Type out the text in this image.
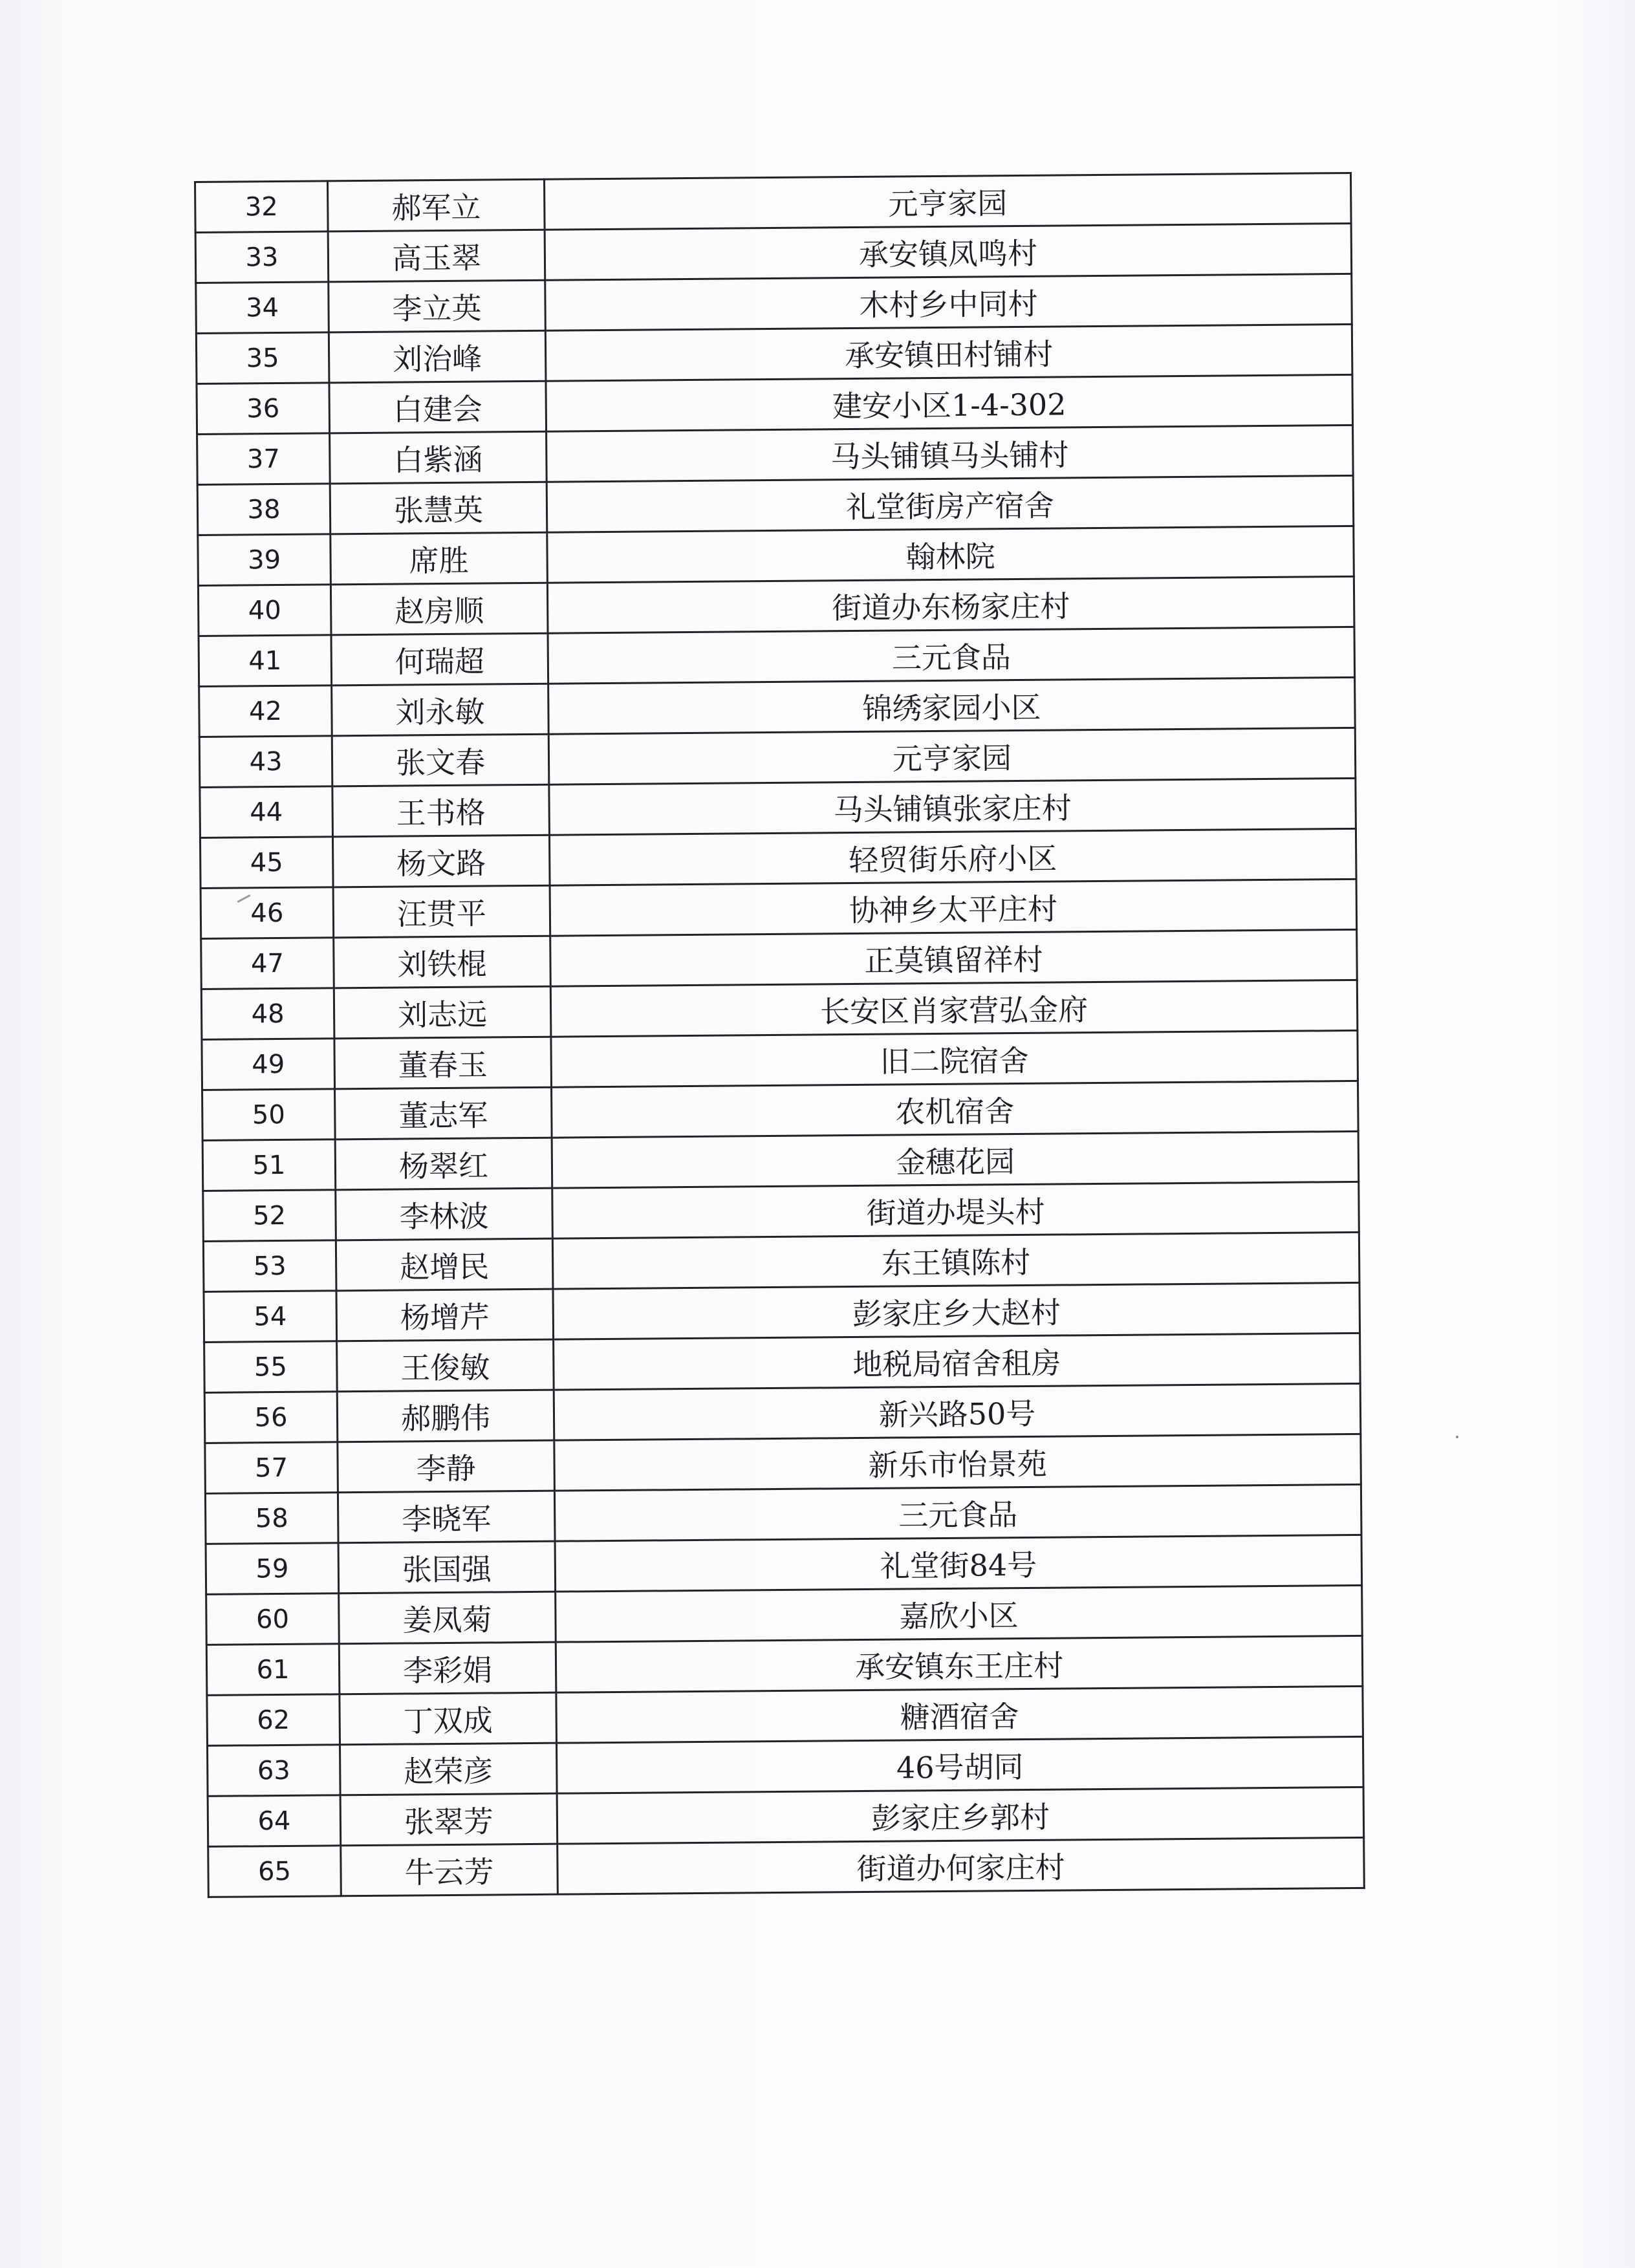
32	郝军立	元亨家园
33	高玉翠	承安镇凤鸣村
34	李立英	木村乡中同村
35	刘治峰	承安镇田村铺村
36	白建会	建安小区1-4-302
37	白紫涵	马头铺镇马头铺村
38	张慧英	礼堂街房产宿舍
39	席胜	翰林院
40	赵房顺	街道办东杨家庄村
41	何瑞超	三元食品
42	刘永敏	锦绣家园小区
43	张文春	元亨家园
44	王书格	马头铺镇张家庄村
45	杨文路	轻贸街乐府小区
46	汪贯平	协神乡太平庄村
47	刘铁棍	正莫镇留祥村
48	刘志远	长安区肖家营弘金府
49	董春玉	旧二院宿舍
50	董志军	农机宿舍
51	杨翠红	金穗花园
52	李林波	街道办堤头村
53	赵增民	东王镇陈村
54	杨增芹	彭家庄乡大赵村
55	王俊敏	地税局宿舍租房
56	郝鹏伟	新兴路50号
57	李静	新乐市怡景苑
58	李晓军	三元食品
59	张国强	礼堂街84号
60	姜凤菊	嘉欣小区
61	李彩娟	承安镇东王庄村
62	丁双成	糖酒宿舍
63	赵荣彦	46号胡同
64	张翠芳	彭家庄乡郭村
65	牛云芳	街道办何家庄村
